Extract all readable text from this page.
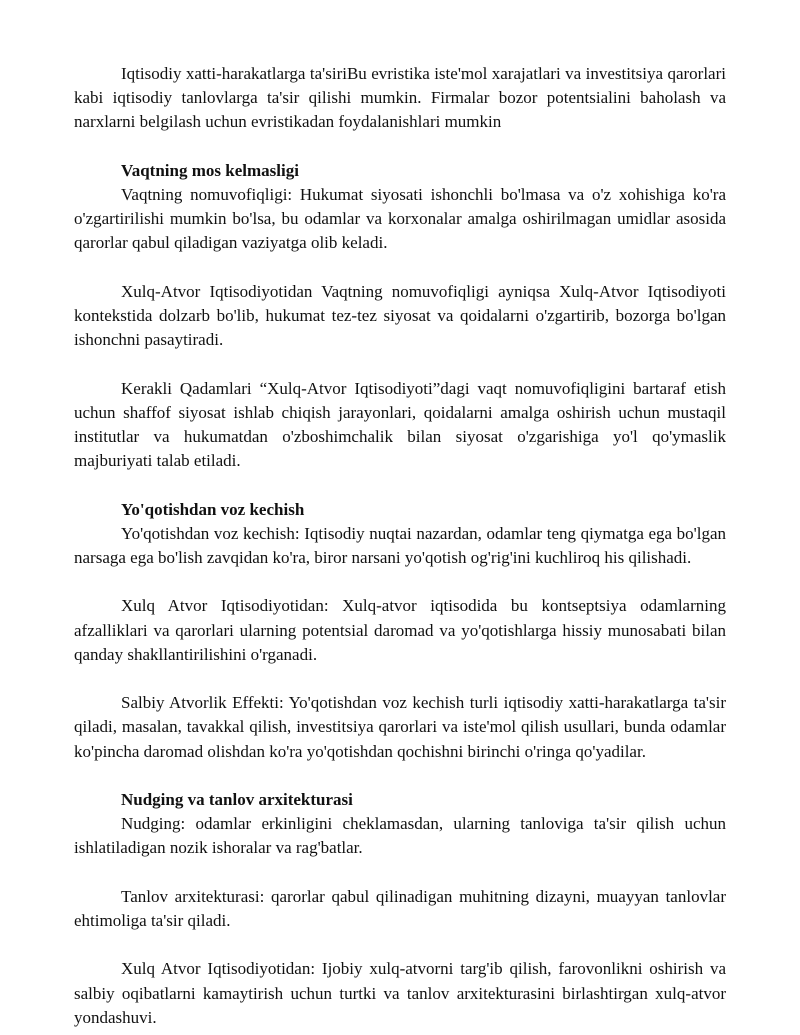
Iqtisodiy xatti-harakatlarga ta'siriBu evristika iste'mol xarajatlari va investitsiya qarorlari kabi iqtisodiy tanlovlarga ta'sir qilishi mumkin. Firmalar bozor potentsialini baholash va narxlarni belgilash uchun evristikadan foydalanishlari mumkin

Vaqtning mos kelmasligi

Vaqtning nomuvofiqligi: Hukumat siyosati ishonchli bo'lmasa va o'z xohishiga ko'ra o'zgartirilishi mumkin bo'lsa, bu odamlar va korxonalar amalga oshirilmagan umidlar asosida qarorlar qabul qiladigan vaziyatga olib keladi.

Xulq-Atvor Iqtisodiyotidan Vaqtning nomuvofiqligi ayniqsa Xulq-Atvor Iqtisodiyoti kontekstida dolzarb bo'lib, hukumat tez-tez siyosat va qoidalarni o'zgartirib, bozorga bo'lgan ishonchni pasaytiradi.

Kerakli Qadamlari “Xulq-Atvor Iqtisodiyoti”dagi vaqt nomuvofiqligini bartaraf etish uchun shaffof siyosat ishlab chiqish jarayonlari, qoidalarni amalga oshirish uchun mustaqil institutlar va hukumatdan o'zboshimchalik bilan siyosat o'zgarishiga yo'l qo'ymaslik majburiyati talab etiladi.

Yo'qotishdan voz kechish

Yo'qotishdan voz kechish: Iqtisodiy nuqtai nazardan, odamlar teng qiymatga ega bo'lgan narsaga ega bo'lish zavqidan ko'ra, biror narsani yo'qotish og'rig'ini kuchliroq his qilishadi.

Xulq Atvor Iqtisodiyotidan: Xulq-atvor iqtisodida bu kontseptsiya odamlarning afzalliklari va qarorlari ularning potentsial daromad va yo'qotishlarga hissiy munosabati bilan qanday shakllantirilishini o'rganadi.

Salbiy Atvorlik Effekti: Yo'qotishdan voz kechish turli iqtisodiy xatti-harakatlarga ta'sir qiladi, masalan, tavakkal qilish, investitsiya qarorlari va iste'mol qilish usullari, bunda odamlar ko'pincha daromad olishdan ko'ra yo'qotishdan qochishni birinchi o'ringa qo'yadilar.

Nudging va tanlov arxitekturasi

Nudging: odamlar erkinligini cheklamasdan, ularning tanloviga ta'sir qilish uchun ishlatiladigan nozik ishoralar va rag'batlar.

Tanlov arxitekturasi: qarorlar qabul qilinadigan muhitning dizayni, muayyan tanlovlar ehtimoliga ta'sir qiladi.

Xulq Atvor Iqtisodiyotidan: Ijobiy xulq-atvorni targ'ib qilish, farovonlikni oshirish va salbiy oqibatlarni kamaytirish uchun turtki va tanlov arxitekturasini birlashtirgan xulq-atvor yondashuvi.
